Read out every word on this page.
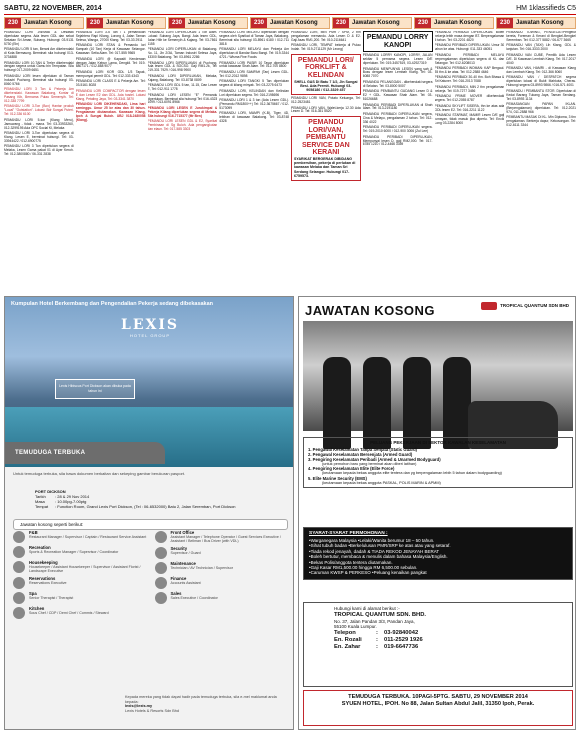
SABTU, 22 NOVEMBER, 2014	HM 1klassifieds C5
230	Jawatan Kosong	230	Jawatan Kosong	230	Jawatan Kosong	230	Jawatan Kosong	230	Jawatan Kosong	230	Jawatan Kosong	230	Jawatan Kosong

PEMANDU LORI JW/Maa & Desasilk diperlukan segera. Ada lesen GDL dan sekat Sekatan Sri Aman, Subang. Hubungi: 03-9131 5730 (Ein)

PEMANDU LORI 5 tan, Berani Am dikehendaki di Kota Bermaung. Berminat: sila hubungi 013-3734888

PEMANDU LORI 10-TAN & Treler dikehendaki dengan segera untuk Gamu bin Tempatan. Sila hubungi 017-2009 6651

PEMANDU LORI lesen dijerlukan di Taman Industri Puchong. Berminat sila hubungi 03-8060 5766

PEMANDU LORI 3 Ton & Pekerja Am dikehendaki. Kawasan Balakong, Kontar di Pasang Kib, Bernama Pulau Semenyih. Tel: 012-338 7799

PEMANDU LORI 3-Ton (Box) Hantar produk "Local" "Outstation". Lokasi: Bdr Sungai Puteri. Tel: 012-336 6100

PEMANDU LORI 5-ton (Klang Meru), Jamuwang - tidak - mana. Tel: 03-33933260, 012-3299195 Ada OPC Social Kl, Melaka

PEMANDU LORI 3-Ton diperlukan segera di Klang. Lesen E, berminat hubungi. Tel: 03-33944422 / 012-6900775

PEMANDU LORI 3 Ton diperlukan segera di Melaka, Lesen Gama pakat 01 di Ayer Keroh. Tel: 012-3800880 / 06-331 2838

PEMANDU LORI 3-5 Tan / 1 pemanduan Sejahtera Rapi Kilang, Lorong 4, Jalan Taman Selesa, Wanga, 27000 Klang. Tel: 03-33 2911

PEMANDU LORI STAN & Pemandu lori Sampah (10 Tan) Kerja di Kawasan Selangor. Kawasan: Setia Alam. Tel: 017-555 9565

PEMANDU LORI @ Kapasiti Kenderaan dengan Jalan Kebun Lama, Dengkil. Tel: 019-8807171 / 012-888 9077

PEMANDU LORI KOR GDL 1/3 Tapak, mempunyai permit GDL. Tel: 012-333 4343

PEMANDU LORI CLASS E & Pekerja Am. Tel: 03-5161 8028

PEMANDU LORI COMPACTOR dengan lesen E dan Lesen E2 dan GDL. Ada hostel. Lokasi Klang, Petaling Jaya, Tel: 03-3341 3870

PEMANDU LORI DIKEHENDAKI, Lima hari seminggu. Umur 25 ke atas dan 30 tahun. Pengalaman diutamakan. Kawasan Klang, Ipoh & Sungai Buloh. UBJ 018-2480058 (Klang).

PEMANDU LORI DIPERLUKAN 1 Ton Alam. Lokasi: Subang Jaya, Bangi. Ada lesen GDL, Jalan Hilir ke Semenyih & Kajang. Tel: 03-7861 1155

PEMANDU LORI DIPERLUKAN di Balakong. No. 11, Jln 2/3A, Taman Industri Selesa Jaya, 43300 Balakong. Tel: 03-8961 2286

PEMANDU LORI DIPERLUKAN di Puchong. Ada lesen GDL & SOCSO. Gaji RM1.2k, Tel: 019-331 7929 / 016-998 9900

PEMANDU LORI DIPERLUKAN, Melaka, Kajang, Balakong. Tel: 03-8738 0809

PEMANDU LORI GDL 5 tan, 11.15, Dan Lesen E, Tel: 012-911 1778

PEMANDU LORI LESEN "E" Pemandu diperlukan. Berminat sila hubungi Tel: 016-4323 1099 / 013-6091 8966

PEMANDU LORI LESEN E Jurukimpal & Pekerja Kilang diperlukan segera di Melaka. Sila hubungi 016-7715377 (Mr Ben)

PEMANDU LORI LESEN GDL & E2, Syarikat Pembinaan di Sg Buloh. Ada pengangkutan dan elaun. Tel: 017-585 3303

PEMANDU LORI MELAYU diperlukan dengan segera oleh Syarikat di Taman Jaya, Balakong. Berminat sila hubungi 03-8961 6180 / 012-711 3818

PEMANDU LORI MELAYU dan Pekerja Am diperlukan di Bandar Baru Bangi. Tel: 019-3344 4721 / Wisma Fine Foods

PEMANDU LORI PASIR 10 Tayar diperlukan untuk kawasan Shah Alam. Tel: 012-700 8800

PEMANDU LORI SAMPAH (Tan) Lesen GDL. Tel: 012-2012 9898

PEMANDU LORI TANGKI 5 Tan diperlukan segera di kilang minyak. Tel: 03-2275 6473

PEMANDU LORI, KELINDAN dan Kelindan Lori diperlukan segera. Tel: 016-2198696

PEMANDU LORI 1 & 3 ton (Ada Lesen GDL). (Pemandu RM1800++) Tel: 012-3675667 / 012-5173099

PEMANDU LORI, MAMPI (K-B), Tiger, 4D, lebihan di kawasan Balakong. Tel: 03-8748 4328

PEMANDU LORI, MIN PMR / SPM, 2 thn pengalaman memandu. Ada Lesen D & E2. Gaji Asas RM1,200. Tel: 010-2116641

PEMANDU LORI, TEMPAT bekerja di Pulau Indah. Tel: 019-2711129 (Mr Leong)

PEMANDU LORI/ FORKLIFT & KELINDAN
SHELL GAS Di Batu 7 1/2, Jln Sungai Besi. Ada Permit. Hubungi 03-9058186 / 012-3329 457

PEMANDU LORI VAN, Potato Keluarga, Tel: 012-2523481

PEMANDU LORI VAN, Walet-kerja 12.30 Ada Lesen D. Tel: 016-351 5520

PEMANDU LORI/VAN, PEMBANTU SERVICE DAN KERANI
SYARIKAT BERGERAK DIBIDANG pembersihan, pekerja di perlukan di kawasan Melaka dan Taman Sri Serdang Selangor. Hubungi 017-6759573.
PEMANDU LORRY KANOPI

PEMANDU LORRY KANOPI, LORRY, JALAN sekitar 5 pernama segera. Lesen D/E diperlukan. Tel: 019-3457519, 03-42927319

PEMANDU MENPUNYAI LESEN yang sah & Boss dengan lesen Lembah Klang. Tel: 03-6088 7070

PEMANDU PELANGGAN - dikehendaki segera di Selatan. Tel: 03-8000 5007

PEMANDU PEMBANTU GUDANG Lesen D & E2 + GDL. Kawasan Shah Alam. Tel: 03-51026688

PEMANDU PERIBADI DIPERLUKAN di Shah Alam. Tel: 013-2191180

PEMANDU PERIBADI DIPERLUKAN segera, Cina & Melayu, pengalaman 2 tahun. Tel: 012-336 4022

PEMANDU PERIBADI DIPERLUKAN segera. Tel: 019-2010 6000 / 012-900 3006 (Zul Lee)

PEMANDU PERIBADI DIPERLUKAN, Mempunyai lesen D, gaji RM2,000. Tel: 017-6785 1210 / 012-4466 3359

PEMANDU PERIBADI DIPERLUKAN. Boleh bekerja lebih masa dengan BT. Berpengalaman 5 tahun. Tel: 03-2201 4820

PEMANDU PERIBADI DIPERLUKAN. Umur 30 tahun ke atas. Hubungi: 011-333 46051

PEMANDU PERIBADI MELAYU berpengalaman diperlukan segera di KL dan Selangor. Tel: 012-6208013

PEMANDU PERIBADI WOMAN: KAP Bergaul. 35 thn & ke atas. Tel: 012-2588 4646

PEMANDU PERIBADI 30-40 thn. Boh Bhasa & Sri Katuner. Tel: 016-2013 7088

PEMANDU PERIBADI, MIN 2 thn pengalaman bekerja. Tel: 019-7277 3456

PEMANDU PRIME MOVER dikehendaki segera. Tel: 012-2055 8787

PEMANDU SKYLIFT SISERA, thn ke atas ada GDL lesen E2. Tel: 016-2211 1122

PEMANDU STARMAT, MAMIR Lesen D/E gaji lumayan, tidak masuk jika diperlu. Tel: Encik Long 03-2284 8000

PEMANDU TOWING, PENGECAT/Pengelut kereta, Foreman & Kerani di Bengkel-Bengkel Seremban. Tel: 012-377 5882 / 06-677 3665

PEMANDU VAN (TAXI) Lih Klang, GDL & lanjutan. Tel: 016-3333 2000

PEMANDU VAN CUBE, Pemilik Ada Lesen D/E. Di Kawasan Lembah Klang. Tel: 017-2017 4040

PEMANDU VAN, HAMRI - di Kawasan Klang dan Lembah Klang. Tel: 012-366 8060

PEMANDU VAN / DESPATCH segera diperlukan lokasi di Bukit Mahkota, Cheras. Hubungi segera 03-8993 9866 / 016-571 4001

PEMANDU / PEMBANTU STOR. Diperlukan di Kedai Barang Tukang Jaya, Taman Serdang. Tel: 03-8993 1134

PEMASANGAN PAPAN IKLAN. (Berpengalaman) diperlukan. Tel: 012-2021 974, 011-2888 966

PEMBANTU MASAK DI KL. Min Diploma, 3 thn pengalaman. Berkerja dapur, Kekosongan. Tel: 012-6111 3344

Kumpulan Hotel Berkembang dan Pengendalian Pekerja sedang dibekasakan
LEXIS
HOTEL GROUP
Lexis Hibiscus Port Dickson akan dibuka pada tahun ini
TEMUDUGA TERBUKA
Untuk temuduga terbuka, sila bawa dokumen berkaitan dan sekeping gambar berukuran pasport.
PORT DICKSON
Tarikh	: 28 & 29 Nov 2014
Masa	: 10.00pg-7.00ptg
Tempat	: Function Room, Grand Lexis Port Dickson, (Tel : 06-6532000) Batu 2, Jalan Seremban, Port Dickson
Jawatan kosong seperti berikut:
F&B
Restaurant Manager / Supervisor / Captain / Restaurant Service Assistant
Recreation
Sports & Recreation Manager / Supervisor / Coordinator
Housekeeping
Housekeeper / Assistant Housekeeper / Supervisor / Assistant Florist / Landscape Executive
Reservations
Reservations Executive
Spa
Senior Therapist / Therapist
Kitchen
Sous Chef / CDP / Demi Chef / Commis / Steward
Front Office
Assistant Manager / Telephone Operator / Guest Services Executive / Assistant / Bellman / Bus Driver (with VDL)
Security
Supervisor / Guard
Maintenance
Technician / AV Technician / Supervisor
Finance
Accounts Assistant
Sales
Sales Executive / Coordinator
Kepada mereka yang tidak dapat hadir pada temuduga terbuka, sila e-mel maklumat anda kepada:
lexis@lexis.my
Lexis Hotels & Resorts Sdn Bhd
JAWATAN KOSONG	TROPICAL QUANTUM SDN BHD
PELUANG PEKERJAAN DI SEKTOR KAWALAN KESELAMATAN
1. Pengawal Keselamatan Tanpa Senjata (Static Guard)
2. Pengawal Keselamatan Bersenjata (Armed Guard)
3. Pengiring Keselamatan Peribadi (Armed & Unarmed Bodyguard)
(untuk pemohon baru yang berminat akan diberi latihan)
4. Pengiring Keselamatan Elite (Elite Force)
(keutamaan kepada bekas anggota elite tentera dan yg berpengalaman lebih 5 tahun dalam bodyguarding)
5. Elite Marine Security (EMS)
(keutamaan kepada bekas anggota PASKAL, POLIS MARIN & APMM)
SYARAT-SYARAT PERMOHONAN :
•Warganegara Malaysia •Lelaki/Wanita berumur 18 – 50 tahun.
•Sihat tubuh badan •Berkelulusan PMR/SRP ke atas atau yang setaraf.
•Tiada rekod jenayah, dadah & TIADA REKOD JENAYAH BERAT
•Boleh bertutur, membaca & menulis dalam bahasa Malaysia/English.
•Bekas Polis/anggota tentera diutamakan.
•Gaji Kasar RM1,500.00 hingga RM 6,500.00 sebulan.
•Caruman KWSP & PERKESO •Peluang kenaikan pangkat
Hubungi kami di alamat berikut :-
TROPICAL QUANTUM SDN. BHD.
No. 37, Jalan Pandan 3/3, Pandan Jaya,
55100 Kuala Lumpur.
Telepon	:	03-92840042
En. Rozali	:	011-2529 1926
En. Zahar	:	019-6647736
TEMUDUGA TERBUKA. 10PAGI-5PTG. SABTU, 29 NOVEMBER 2014
SYUEN HOTEL, IPOH. No 88, Jalan Sultan Abdul Jalil, 31350 Ipoh, Perak.
